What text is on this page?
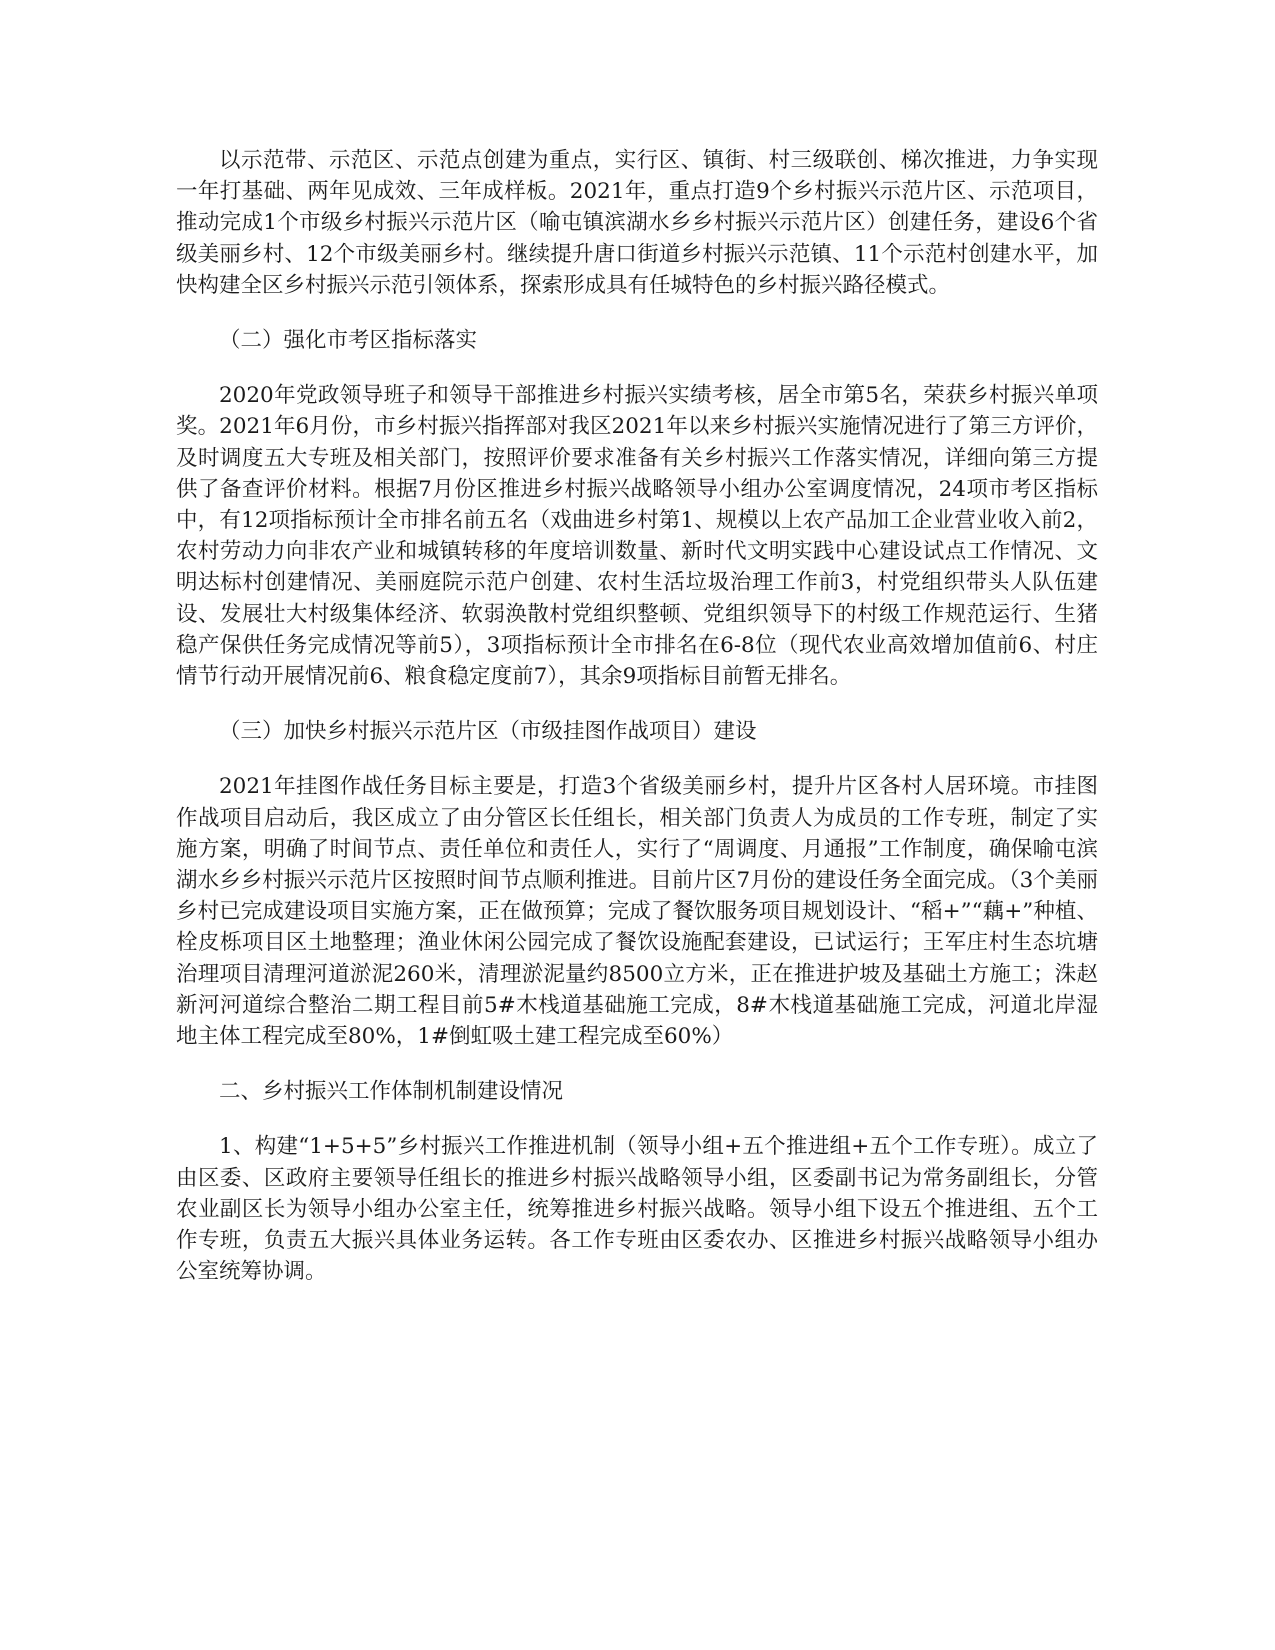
以示范带、示范区、示范点创建为重点，实行区、镇街、村三级联创、梯次推进，力争实现一年打基础、两年见成效、三年成样板。2021年，重点打造9个乡村振兴示范片区、示范项目，推动完成1个市级乡村振兴示范片区（喻屯镇滨湖水乡乡村振兴示范片区）创建任务，建设6个省级美丽乡村、12个市级美丽乡村。继续提升唐口街道乡村振兴示范镇、11个示范村创建水平，加快构建全区乡村振兴示范引领体系，探索形成具有任城特色的乡村振兴路径模式。

（二）强化市考区指标落实

2020年党政领导班子和领导干部推进乡村振兴实绩考核，居全市第5名，荣获乡村振兴单项奖。2021年6月份，市乡村振兴指挥部对我区2021年以来乡村振兴实施情况进行了第三方评价，及时调度五大专班及相关部门，按照评价要求准备有关乡村振兴工作落实情况，详细向第三方提供了备查评价材料。根据7月份区推进乡村振兴战略领导小组办公室调度情况，24项市考区指标中，有12项指标预计全市排名前五名（戏曲进乡村第1、规模以上农产品加工企业营业收入前2，农村劳动力向非农产业和城镇转移的年度培训数量、新时代文明实践中心建设试点工作情况、文明达标村创建情况、美丽庭院示范户创建、农村生活垃圾治理工作前3，村党组织带头人队伍建设、发展壮大村级集体经济、软弱涣散村党组织整顿、党组织领导下的村级工作规范运行、生猪稳产保供任务完成情况等前5），3项指标预计全市排名在6-8位（现代农业高效增加值前6、村庄情节行动开展情况前6、粮食稳定度前7），其余9项指标目前暂无排名。

（三）加快乡村振兴示范片区（市级挂图作战项目）建设

2021年挂图作战任务目标主要是，打造3个省级美丽乡村，提升片区各村人居环境。市挂图作战项目启动后，我区成立了由分管区长任组长，相关部门负责人为成员的工作专班，制定了实施方案，明确了时间节点、责任单位和责任人，实行了“周调度、月通报”工作制度，确保喻屯滨湖水乡乡村振兴示范片区按照时间节点顺利推进。目前片区7月份的建设任务全面完成。（3个美丽乡村已完成建设项目实施方案，正在做预算；完成了餐饮服务项目规划设计、“稻+”“藕+”种植、栓皮栎项目区土地整理；渔业休闲公园完成了餐饮设施配套建设，已试运行；王军庄村生态坑塘治理项目清理河道淤泥260米，清理淤泥量约8500立方米，正在推进护坡及基础土方施工；洙赵新河河道综合整治二期工程目前5#木栈道基础施工完成，8#木栈道基础施工完成，河道北岸湿地主体工程完成至80%，1#倒虹吸土建工程完成至60%）

二、乡村振兴工作体制机制建设情况

1、构建“1+5+5”乡村振兴工作推进机制（领导小组+五个推进组+五个工作专班）。成立了由区委、区政府主要领导任组长的推进乡村振兴战略领导小组，区委副书记为常务副组长，分管农业副区长为领导小组办公室主任，统筹推进乡村振兴战略。领导小组下设五个推进组、五个工作专班，负责五大振兴具体业务运转。各工作专班由区委农办、区推进乡村振兴战略领导小组办公室统筹协调。
